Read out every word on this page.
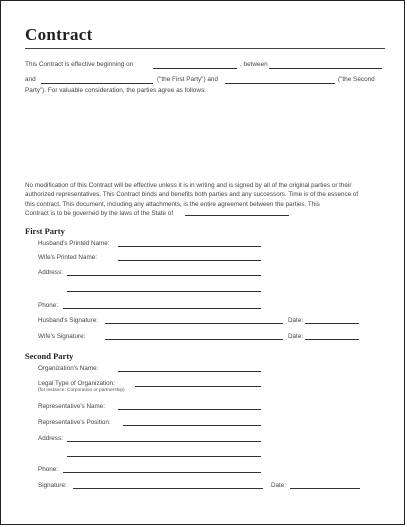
Contract
This Contract is effective beginning on	, between
and	("the First Party") and	("the Second
Party"). For valuable consideration, the parties agree as follows:
No modification of this Contract will be effective unless it is in writing and is signed by all of the original parties or their
authorized representatives. This Contract binds and benefits both parties and any successors. Time is of the essence of
this contract. This document, including any attachments, is the entire agreement between the parties. This
Contract is to be governed by the laws of the State of
First Party
Husband's Printed Name:
Wife's Printed Name:
Address:
Phone:
Husband's Signature:	Date:
Wife's Signature:	Date:
Second Party
Organization's Name:
Legal Type of Organization:
(for instance: Corporation or partnership)
Representative's Name:
Representative's Position:
Address:
Phone:
Signature:	Date:
